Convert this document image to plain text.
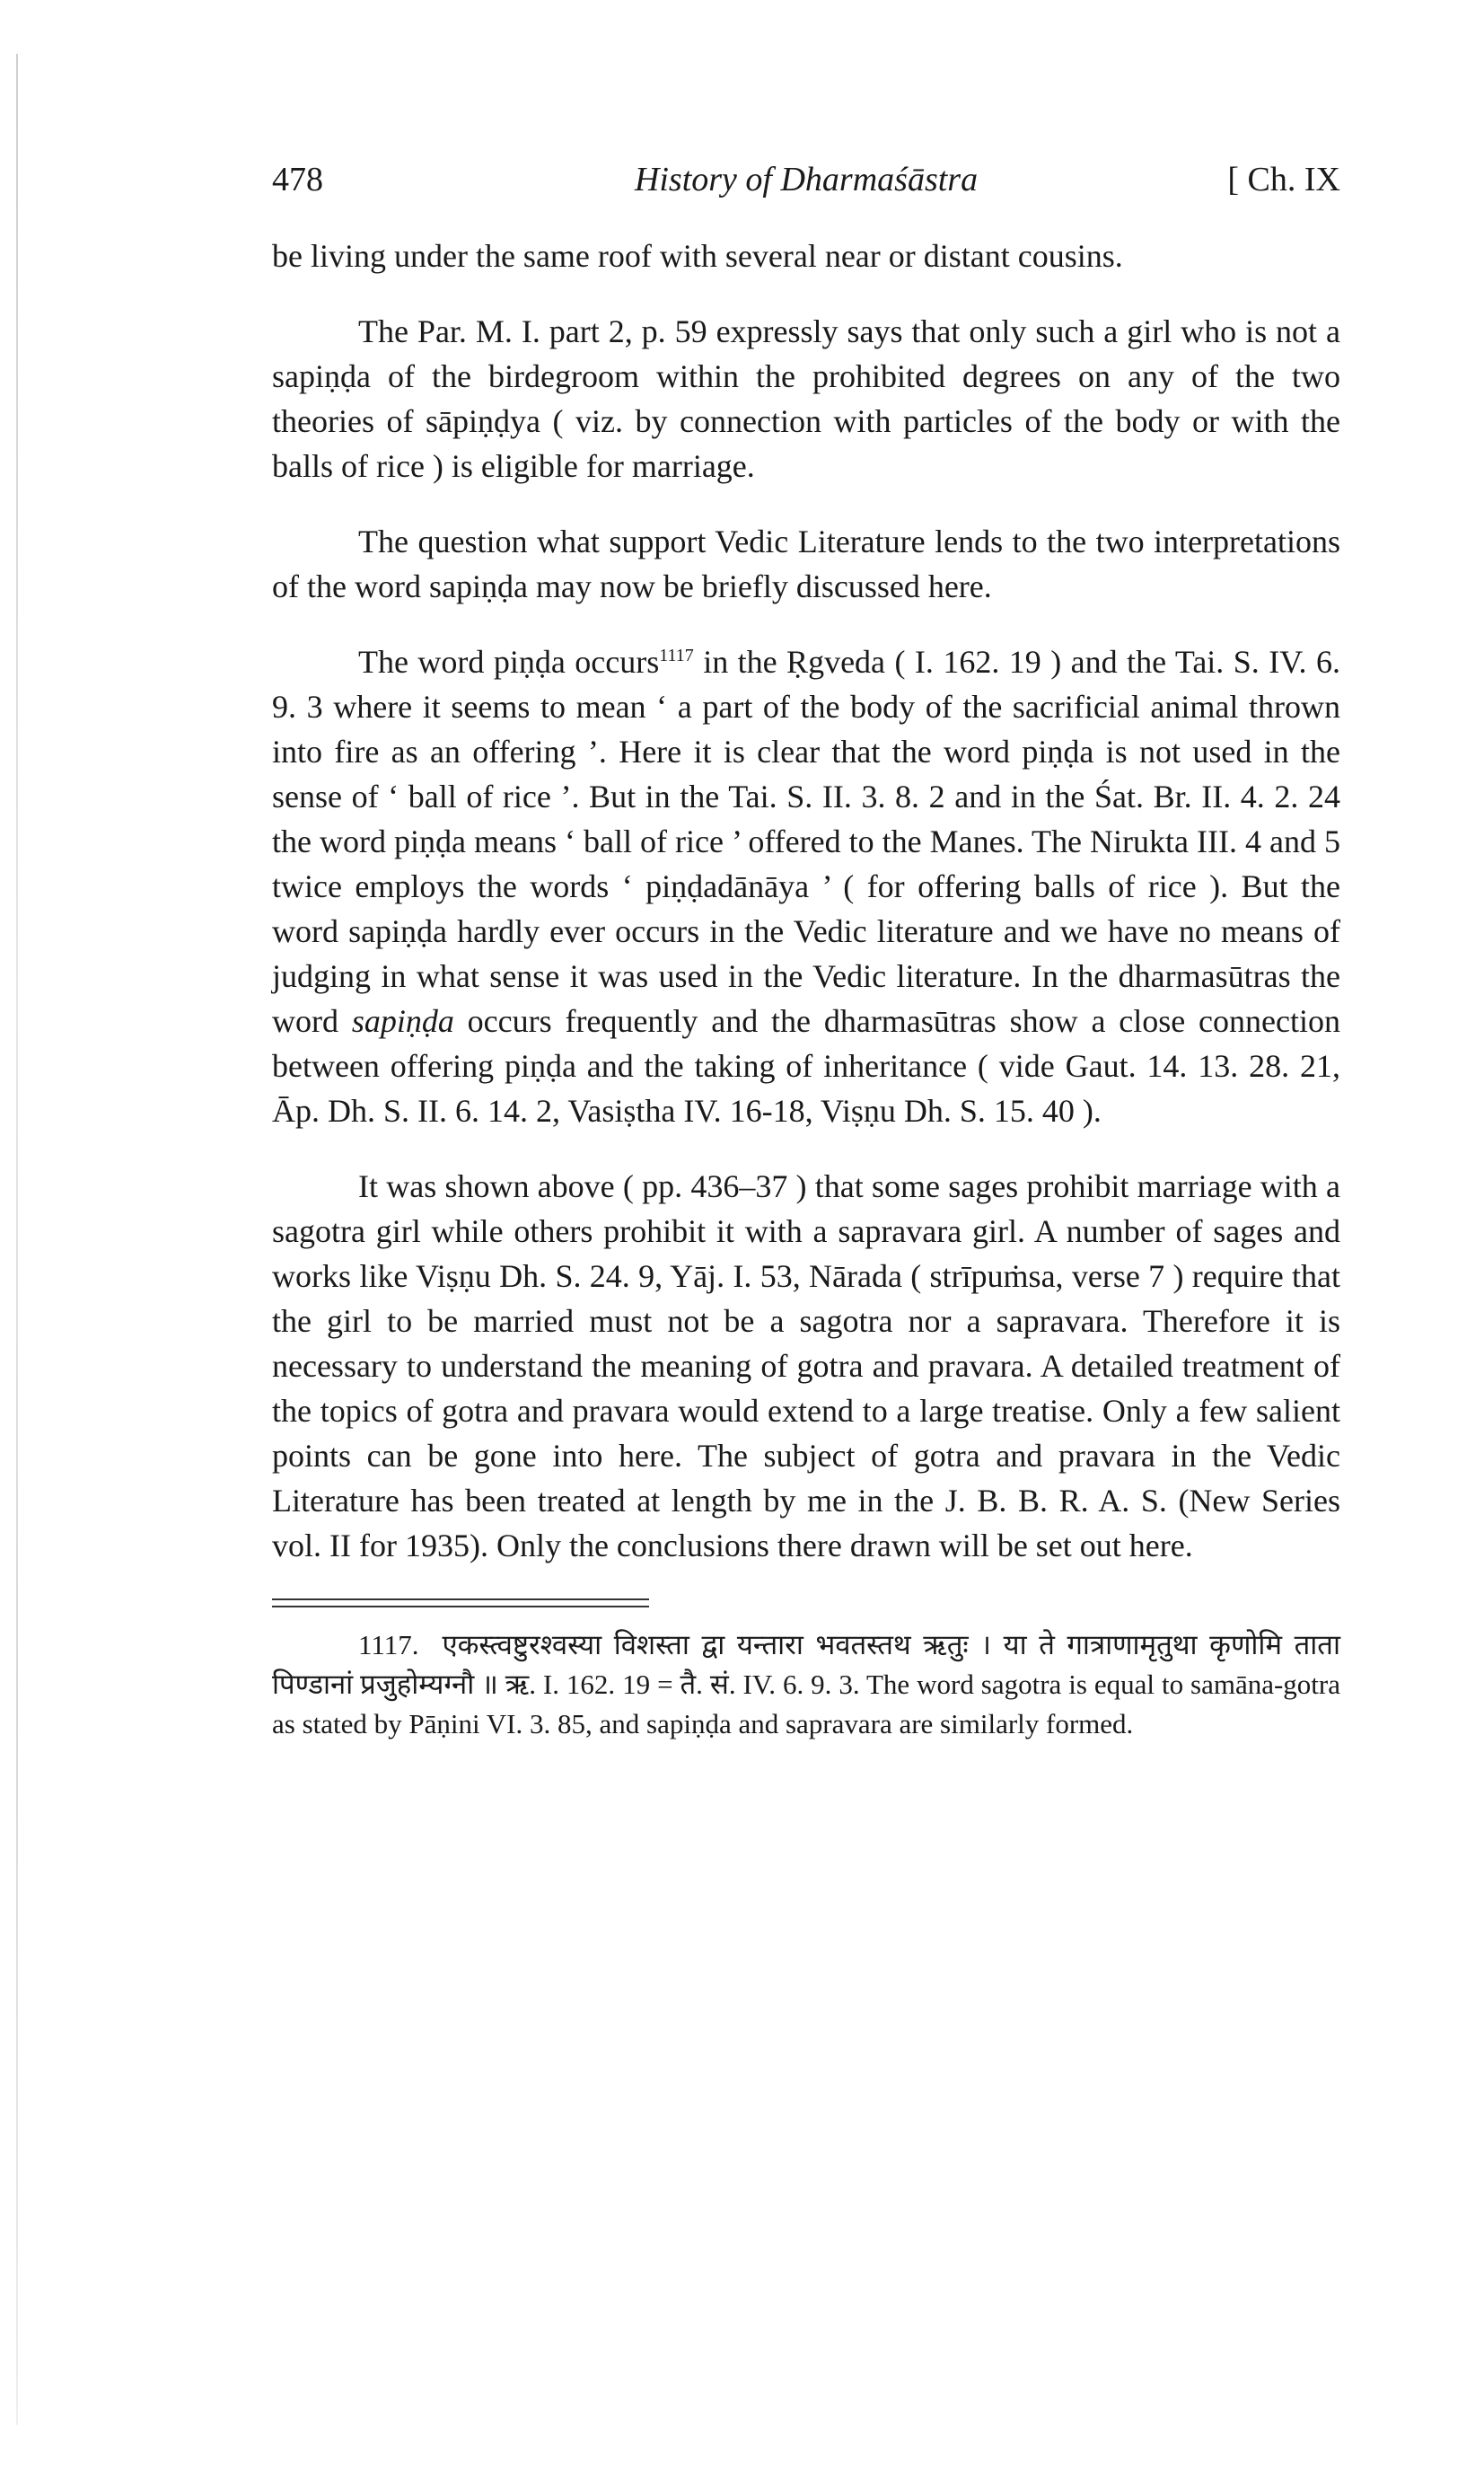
478	History of Dharmaśāstra	[ Ch. IX

be living under the same roof with several near or distant cousins.

The Par. M. I. part 2, p. 59 expressly says that only such a girl who is not a sapiṇḍa of the birdegroom within the prohibited degrees on any of the two theories of sāpiṇḍya ( viz. by connection with particles of the body or with the balls of rice ) is eligible for marriage.

The question what support Vedic Literature lends to the two interpretations of the word sapiṇḍa may now be briefly discussed here.

The word piṇḍa occurs$^{1117}$ in the Ṛgveda ( I. 162. 19 ) and the Tai. S. IV. 6. 9. 3 where it seems to mean ‘ a part of the body of the sacrificial animal thrown into fire as an offering ’. Here it is clear that the word piṇḍa is not used in the sense of ‘ ball of rice ’. But in the Tai. S. II. 3. 8. 2 and in the Śat. Br. II. 4. 2. 24 the word piṇḍa means ‘ ball of rice ’ offered to the Manes. The Nirukta III. 4 and 5 twice employs the words ‘ piṇḍadānāya ’ ( for offering balls of rice ). But the word sapiṇḍa hardly ever occurs in the Vedic literature and we have no means of judging in what sense it was used in the Vedic literature. In the dharmasūtras the word sapiṇḍa occurs frequently and the dharmasūtras show a close connection between offering piṇḍa and the taking of inheritance ( vide Gaut. 14. 13. 28. 21, Āp. Dh. S. II. 6. 14. 2, Vasiṣtha IV. 16-18, Viṣṇu Dh. S. 15. 40 ).

It was shown above ( pp. 436–37 ) that some sages prohibit marriage with a sagotra girl while others prohibit it with a sapravara girl. A number of sages and works like Viṣṇu Dh. S. 24. 9, Yāj. I. 53, Nārada ( strīpuṁsa, verse 7 ) require that the girl to be married must not be a sagotra nor a sapravara. Therefore it is necessary to understand the meaning of gotra and pravara. A detailed treatment of the topics of gotra and pravara would extend to a large treatise. Only a few salient points can be gone into here. The subject of gotra and pravara in the Vedic Literature has been treated at length by me in the J. B. B. R. A. S. (New Series vol. II for 1935). Only the conclusions there drawn will be set out here.

1117. एकस्त्वष्टुरश्वस्या विशस्ता द्वा यन्तारा भवतस्तथ ऋतुः । या ते गात्राणामृतुथा कृणोमि ताता पिण्डानां प्रजुहोम्यग्नौ ॥ ऋ. I. 162. 19 = तै. सं. IV. 6. 9. 3. The word sagotra is equal to samāna-gotra as stated by Pāṇini VI. 3. 85, and sapiṇḍa and sapravara are similarly formed.
